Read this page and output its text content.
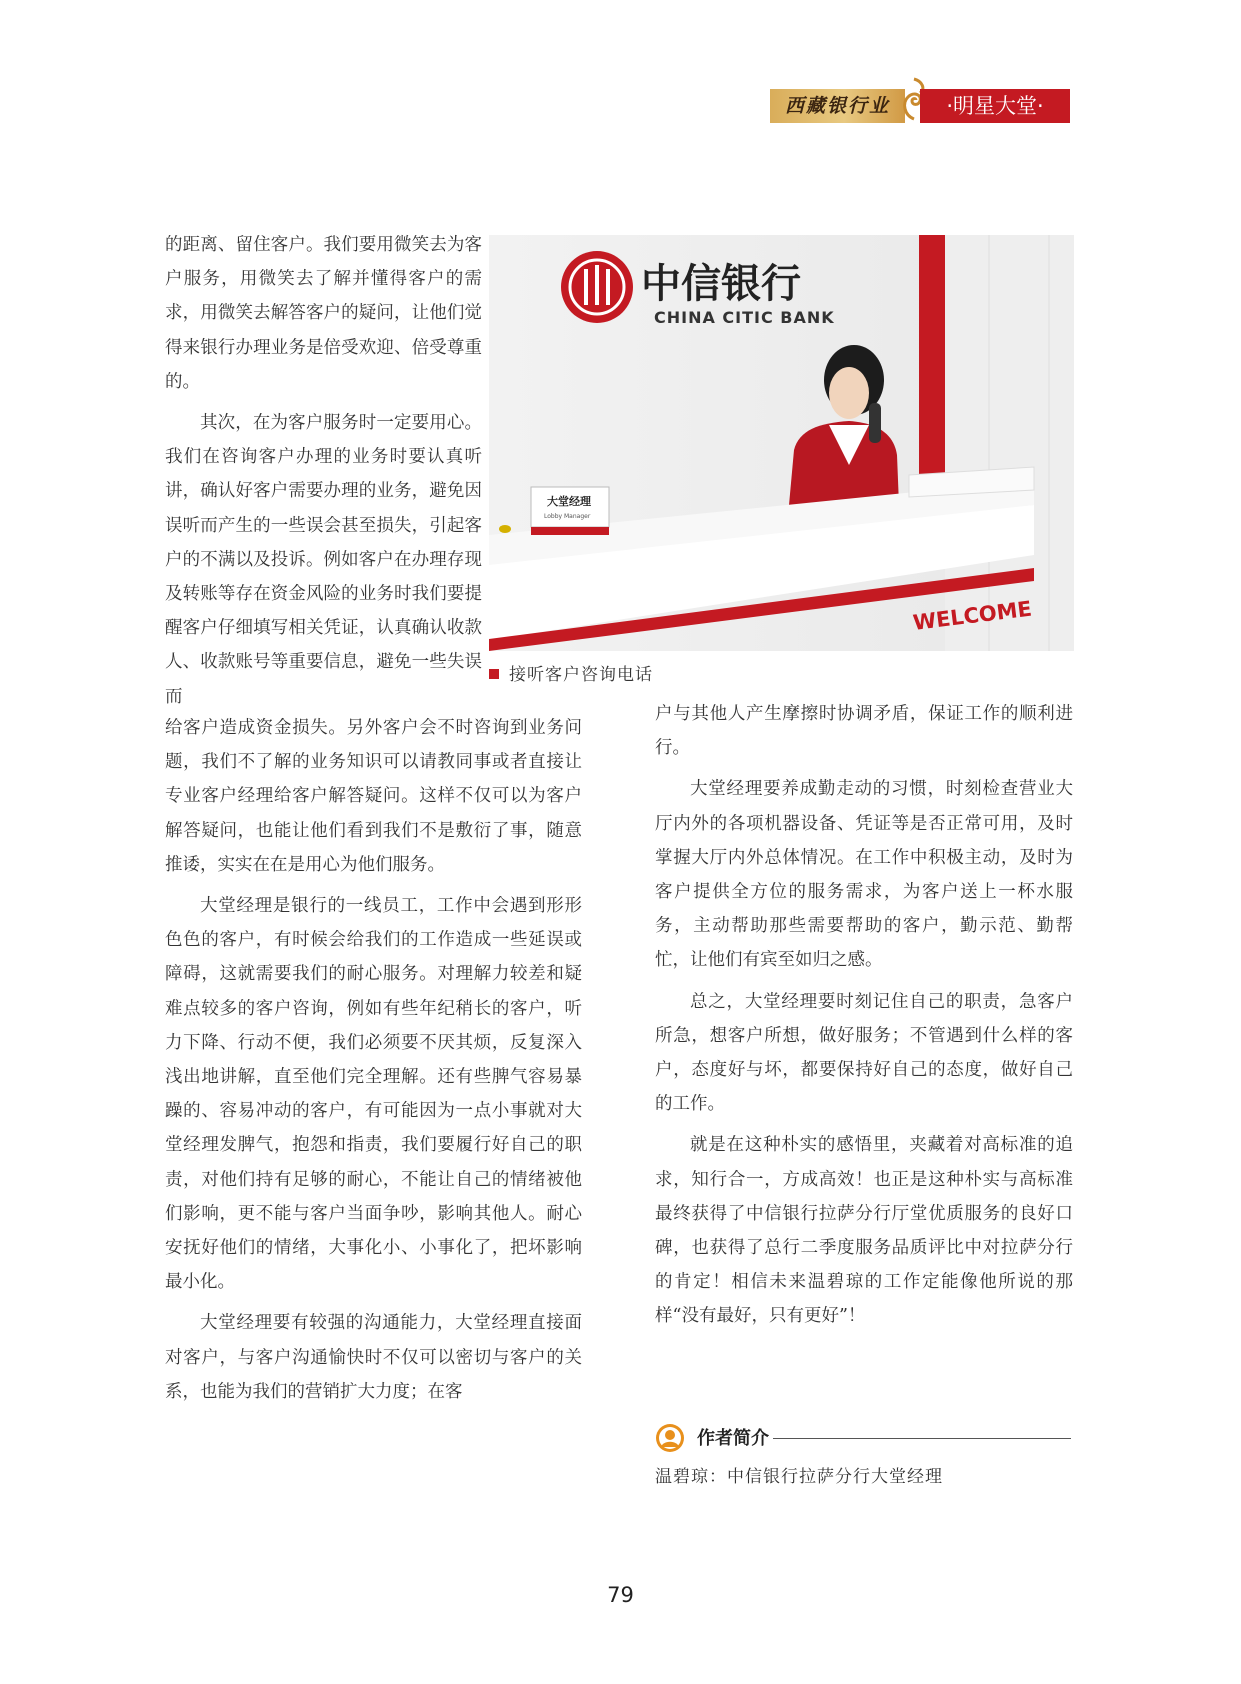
西藏银行业	·明星大堂·

的距离、留住客户。我们要用微笑去为客户服务，用微笑去了解并懂得客户的需求，用微笑去解答客户的疑问，让他们觉得来银行办理业务是倍受欢迎、倍受尊重的。

其次，在为客户服务时一定要用心。我们在咨询客户办理的业务时要认真听讲，确认好客户需要办理的业务，避免因误听而产生的一些误会甚至损失，引起客户的不满以及投诉。例如客户在办理存现及转账等存在资金风险的业务时我们要提醒客户仔细填写相关凭证，认真确认收款人、收款账号等重要信息，避免一些失误而

中信银行
CHINA CITIC BANK
WELCOME
大堂经理
Lobby Manager
接听客户咨询电话

给客户造成资金损失。另外客户会不时咨询到业务问题，我们不了解的业务知识可以请教同事或者直接让专业客户经理给客户解答疑问。这样不仅可以为客户解答疑问，也能让他们看到我们不是敷衍了事，随意推诿，实实在在是用心为他们服务。

大堂经理是银行的一线员工，工作中会遇到形形色色的客户，有时候会给我们的工作造成一些延误或障碍，这就需要我们的耐心服务。对理解力较差和疑难点较多的客户咨询，例如有些年纪稍长的客户，听力下降、行动不便，我们必须要不厌其烦，反复深入浅出地讲解，直至他们完全理解。还有些脾气容易暴躁的、容易冲动的客户，有可能因为一点小事就对大堂经理发脾气，抱怨和指责，我们要履行好自己的职责，对他们持有足够的耐心，不能让自己的情绪被他们影响，更不能与客户当面争吵，影响其他人。耐心安抚好他们的情绪，大事化小、小事化了，把坏影响最小化。

大堂经理要有较强的沟通能力，大堂经理直接面对客户，与客户沟通愉快时不仅可以密切与客户的关系，也能为我们的营销扩大力度；在客

户与其他人产生摩擦时协调矛盾，保证工作的顺利进行。

大堂经理要养成勤走动的习惯，时刻检查营业大厅内外的各项机器设备、凭证等是否正常可用，及时掌握大厅内外总体情况。在工作中积极主动，及时为客户提供全方位的服务需求，为客户送上一杯水服务，主动帮助那些需要帮助的客户，勤示范、勤帮忙，让他们有宾至如归之感。

总之，大堂经理要时刻记住自己的职责，急客户所急，想客户所想，做好服务；不管遇到什么样的客户，态度好与坏，都要保持好自己的态度，做好自己的工作。

就是在这种朴实的感悟里，夹藏着对高标准的追求，知行合一，方成高效！也正是这种朴实与高标准最终获得了中信银行拉萨分行厅堂优质服务的良好口碑，也获得了总行二季度服务品质评比中对拉萨分行的肯定！相信未来温碧琼的工作定能像他所说的那样“没有最好，只有更好”！

作者简介
温碧琼：中信银行拉萨分行大堂经理
79
